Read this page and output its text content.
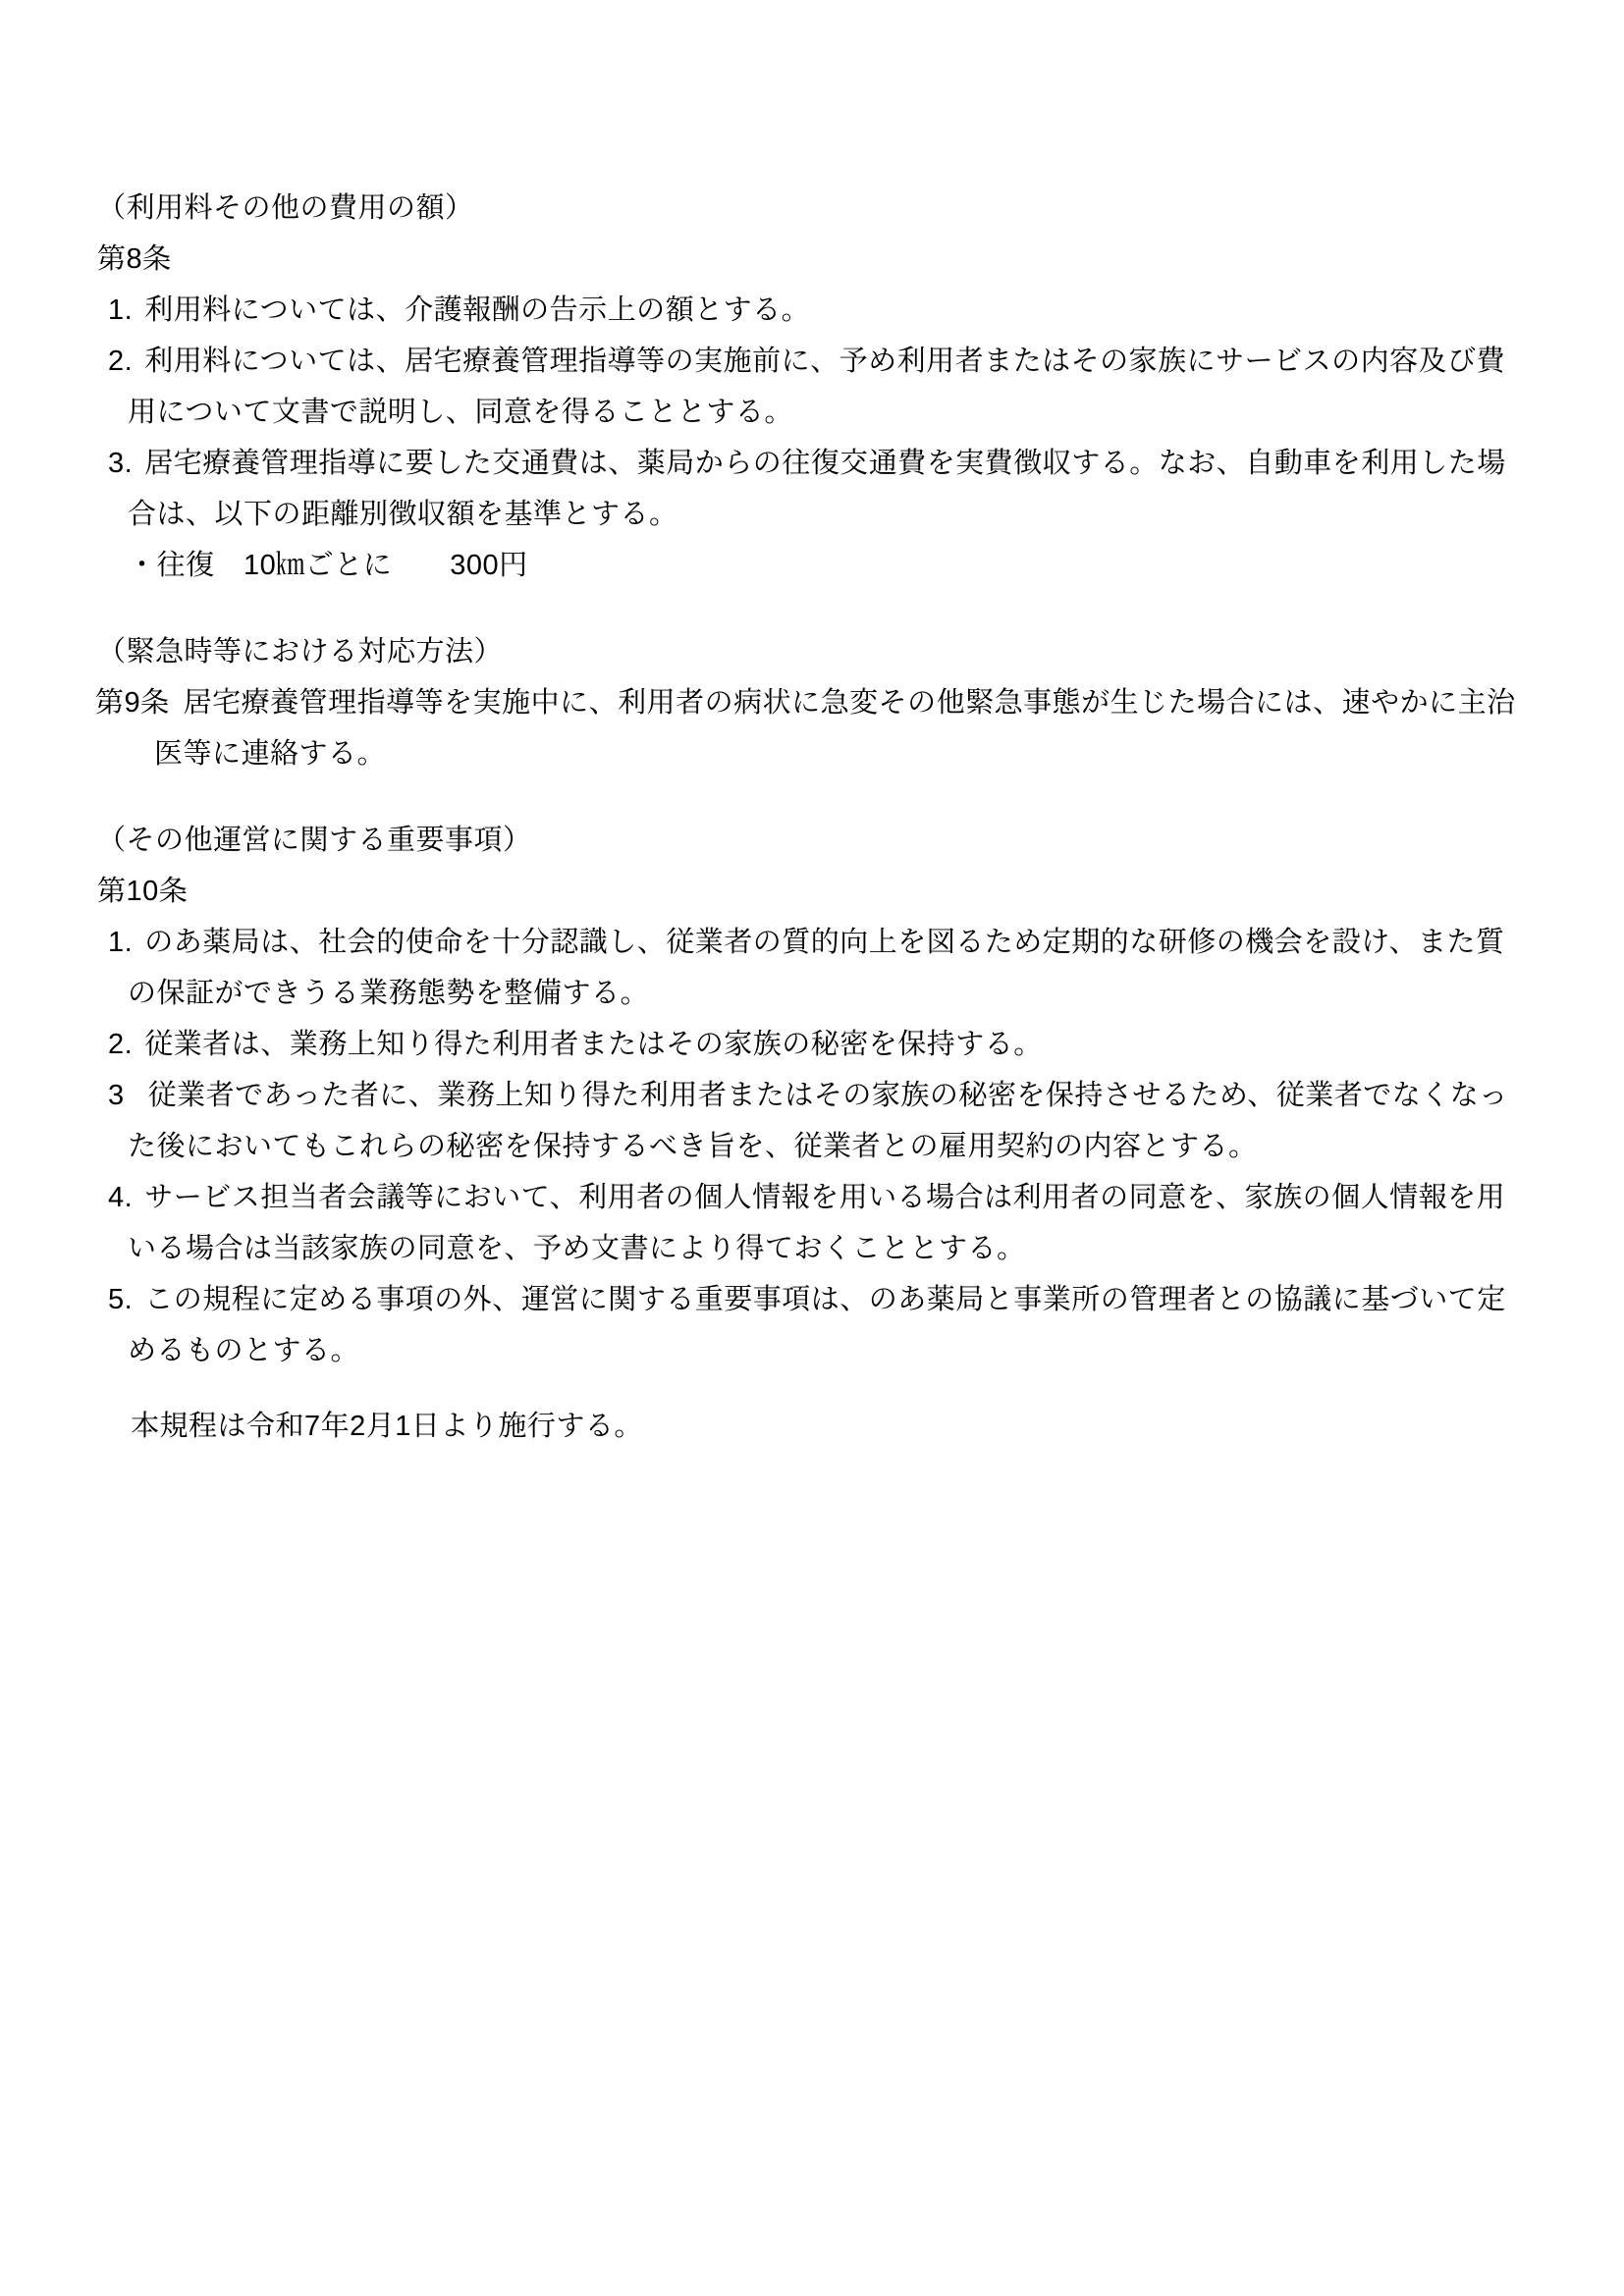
（利用料その他の費用の額）

第8条

1. 利用料については、介護報酬の告示上の額とする。
2. 利用料については、居宅療養管理指導等の実施前に、予め利用者またはその家族にサービスの内容及び費用について文書で説明し、同意を得ることとする。
3. 居宅療養管理指導に要した交通費は、薬局からの往復交通費を実費徴収する。なお、自動車を利用した場合は、以下の距離別徴収額を基準とする。

・往復　10㎞ごとに　　300円

（緊急時等における対応方法）

第9条 居宅療養管理指導等を実施中に、利用者の病状に急変その他緊急事態が生じた場合には、速やかに主治医等に連絡する。

（その他運営に関する重要事項）

第10条

1. のあ薬局は、社会的使命を十分認識し、従業者の質的向上を図るため定期的な研修の機会を設け、また質の保証ができうる業務態勢を整備する。
2. 従業者は、業務上知り得た利用者またはその家族の秘密を保持する。
3 従業者であった者に、業務上知り得た利用者またはその家族の秘密を保持させるため、従業者でなくなった後においてもこれらの秘密を保持するべき旨を、従業者との雇用契約の内容とする。
4. サービス担当者会議等において、利用者の個人情報を用いる場合は利用者の同意を、家族の個人情報を用いる場合は当該家族の同意を、予め文書により得ておくこととする。
5. この規程に定める事項の外、運営に関する重要事項は、のあ薬局と事業所の管理者との協議に基づいて定めるものとする。

本規程は令和7年2月1日より施行する。
